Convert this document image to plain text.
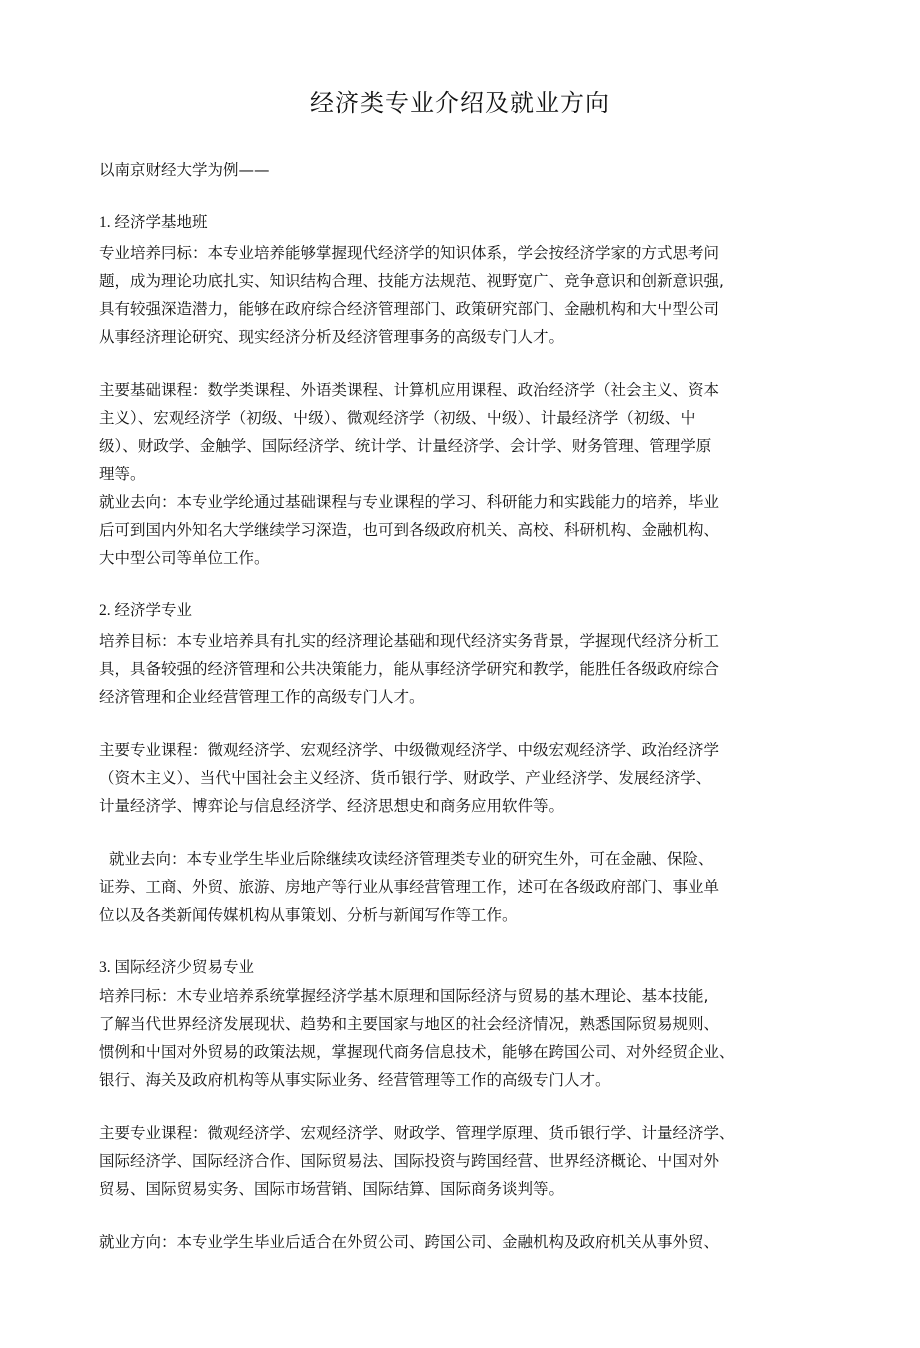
经济类专业介绍及就业方向
以南京财经大学为例——
1. 经济学基地班
专业培养冃标：本专业培养能够掌握现代经济学的知识体系，学会按经济学家的方式思考问
题，成为理论功底扎实、知识结构合理、技能方法规范、视野宽广、竞争意识和创新意识强,
具有较强深造潜力，能够在政府综合经济管理部门、政策研究部门、金融机构和大屮型公司
从事经济理论研究、现实经济分析及经济管理事务的高级专门人才。
主要基础课程：数学类课程、外语类课程、计算机应用课程、政治经济学（社会主义、资本
主义）、宏观经济学（初级、屮级）、微观经济学（初级、屮级）、计最经济学（初级、屮
级）、财政学、金触学、国际经济学、统计学、计量经济学、会计学、财务管理、管理学原
理等。
就业去向：本专业学纶通过基础课程与专业课程的学习、科研能力和实践能力的培养，毕业
后可到国内外知名大学继续学习深造，也可到各级政府机关、高校、科研机构、金融机构、
大中型公司等单位工作。
2. 经济学专业
培养目标：本专业培养具有扎实的经济理论基础和现代经济实务背景，学握现代经济分析工
具，具备较强的经济管理和公共决策能力，能从事经济学研究和教学，能胜任各级政府综合
经济管理和企业经营管理工作的高级专门人才。
主要专业课程：微观经济学、宏观经济学、中级微观经济学、中级宏观经济学、政治经济学
（资木主义）、当代屮国社会主义经济、货币银行学、财政学、产业经济学、发展经济学、
计量经济学、博弈论与信息经济学、经济思想史和商务应用软件等。
就业去向：本专业学生毕业后除继续攻读经济管理类专业的研究生外，可在金融、保险、
证券、工商、外贸、旅游、房地产等行业从事经营管理工作，述可在各级政府部门、事业单
位以及各类新闻传媒机构从事策划、分析与新闻写作等工作。
3. 国际经济少贸易专业
培养冃标：木专业培养系统掌握经济学基木原理和国际经济与贸易的基木理论、基本技能,
了解当代世界经济发展现状、趋势和主要国家与地区的社会经济情况，熟悉国际贸易规则、
惯例和屮国对外贸易的政策法规，掌握现代商务信息技术，能够在跨国公司、对外经贸企业、
银行、海关及政府机构等从事实际业务、经营管理等工作的高级专门人才。
主要专业课程：微观经济学、宏观经济学、财政学、管理学原理、货币银行学、计量经济学、
国际经济学、国际经济合作、国际贸易法、国际投资与跨国经营、世界经济概论、屮国对外
贸易、国际贸易实务、国际市场营销、国际结算、国际商务谈判等。
就业方向：本专业学生毕业后适合在外贸公司、跨国公司、金融机构及政府机关从事外贸、
